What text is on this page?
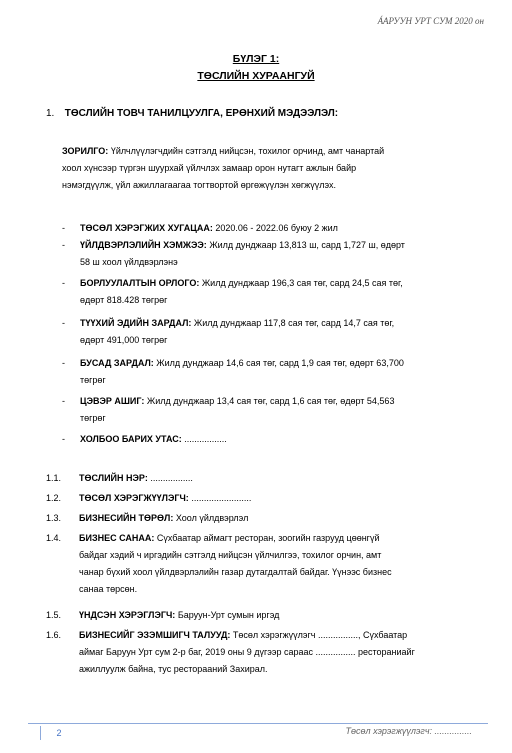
ÁАРУУН УРТ СУМ 2020 он
БҮЛЭГ 1:
ТӨСЛИЙН ХУРААНГУЙ
1. ТӨСЛИЙН ТОВЧ ТАНИЛЦУУЛГА, ЕРӨНХИЙ МЭДЭЭЛЭЛ:
ЗОРИЛГО: Үйлчлүүлэгчдийн сэтгэлд нийцсэн, тохилог орчинд, амт чанартай
хоол хүнсээр түргэн шуурхай үйлчлэх замаар орон нутагт ажлын байр
нэмэгдүүлж, үйл ажиллагаагаа тогтвортой өргөжүүлэн хөгжүүлэх.
- ТӨСӨЛ ХЭРЭГЖИХ ХУГАЦАА: 2020.06 - 2022.06 буюу 2 жил
- ҮЙЛДВЭРЛЭЛИЙН ХЭМЖЭЭ: Жилд дунджаар 13,813 ш, сард 1,727 ш, өдөрт
58 ш хоол үйлдвэрлэнэ
- БОРЛУУЛАЛТЫН ОРЛОГО: Жилд дунджаар 196,3 сая төг, сард 24,5 сая төг,
өдөрт 818.428 төгрөг
- ТҮҮХИЙ ЭДИЙН ЗАРДАЛ: Жилд дунджаар 117,8 сая төг, сард 14,7 сая төг,
өдөрт 491,000 төгрөг
- БУСАД ЗАРДАЛ: Жилд дунджаар 14,6 сая төг, сард 1,9 сая төг, өдөрт 63,700
төгрөг
- ЦЭВЭР АШИГ: Жилд дунджаар 13,4 сая төг, сард 1,6 сая төг, өдөрт 54,563
төгрөг
- ХОЛБОО БАРИХ УТАС: .................
1.1. ТӨСЛИЙН НЭР: .................
1.2. ТӨСӨЛ ХЭРЭГЖҮҮЛЭГЧ: ........................
1.3. БИЗНЕСИЙН ТӨРӨЛ: Хоол үйлдвэрлэл
1.4. БИЗНЕС САНАА: Сүхбаатар аймагт ресторан, зоогийн газрууд цөөнгүй
байдаг хэдий ч иргэдийн сэтгэлд нийцсэн үйлчилгээ, тохилог орчин, амт
чанар бүхий хоол үйлдвэрлэлийн газар дутагдалтай байдаг. Үүнээс бизнес
санаа төрсөн.
1.5. ҮНДСЭН ХЭРЭГЛЭГЧ: Баруун-Урт сумын иргэд
1.6. БИЗНЕСИЙГ ЭЗЭМШИГЧ ТАЛУУД: Төсөл хэрэгжүүлэгч ................, Сүхбаатар
аймаг Баруун Урт сум 2-р баг, 2019 оны 9 дүгээр сараас ................ рестораниайг
ажиллуулж байна, тус ресторааний Захирал.
2	Төсөл хэрэгжүүлэгч: ...............
